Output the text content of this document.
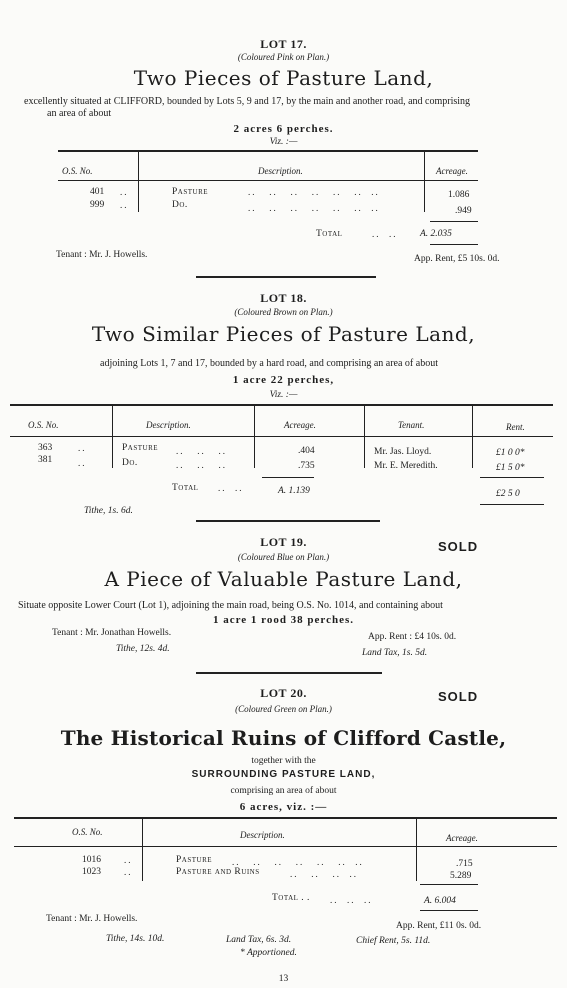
LOT 17.
(Coloured Pink on Plan.)
Two Pieces of Pasture Land,
excellently situated at CLIFFORD, bounded by Lots 5, 9 and 17, by the main and another road, and comprising
an area of about
2 acres 6 perches.
Viz. :—
O.S. No.	Description.	Acreage.
401 ..	Pasture	..   ..   ..   ..   ..   ..  ..	1.086
999 ..	Do.	..   ..   ..   ..   ..   ..  ..	.949
Total	..  .. A. 2.035
Tenant : Mr. J. Howells.	App. Rent, £5 10s. 0d.
LOT 18.
(Coloured Brown on Plan.)
Two Similar Pieces of Pasture Land,
adjoining Lots 1, 7 and 17, bounded by a hard road, and comprising an area of about
1 acre 22 perches,
Viz. :—
O.S. No.	Description.	Acreage.	Tenant.	Rent.
363	..	Pasture ..   ..   ..	.404	Mr. Jas. Lloyd.	£1 0 0*
381	..	Do.	..   ..   ..	.735	Mr. E. Meredith.	£1 5 0*
Total ..  ..	A. 1.139	£2 5 0
Tithe, 1s. 6d.
LOT 19.	SOLD
(Coloured Blue on Plan.)
A Piece of Valuable Pasture Land,
Situate opposite Lower Court (Lot 1), adjoining the main road, being O.S. No. 1014, and containing about
1 acre 1 rood 38 perches.
Tenant : Mr. Jonathan Howells.	App. Rent : £4 10s. 0d.
Tithe, 12s. 4d.	Land Tax, 1s. 5d.
LOT 20.	SOLD
(Coloured Green on Plan.)
The Historical Ruins of Clifford Castle,
together with the
SURROUNDING PASTURE LAND,
comprising an area of about
6 acres, viz. :—
O.S. No.	Description.	Acreage.
1016	..	Pasture ..   ..   ..   ..   ..   ..  ..	.715
1023	..	Pasture and Ruins	..   ..   ..  ..	5.289
Total . . ..  ..  ..	A. 6.004
Tenant : Mr. J. Howells.
App. Rent, £11 0s. 0d.
Tithe, 14s. 10d.	Land Tax, 6s. 3d.	Chief Rent, 5s. 11d.
* Apportioned.
13
